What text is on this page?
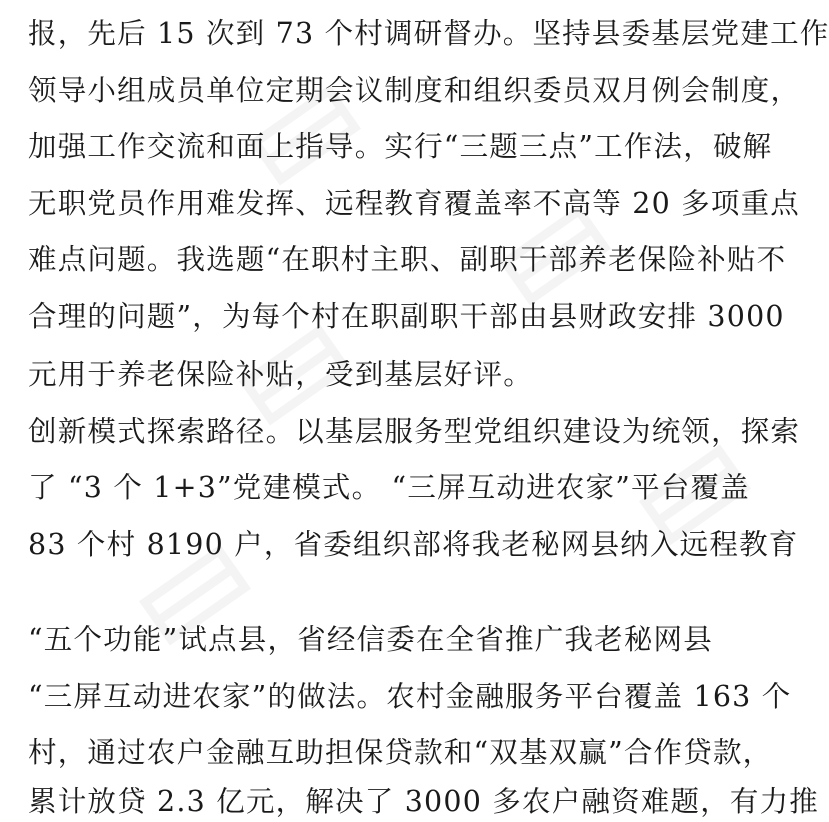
报，先后 15 次到 73 个村调研督办。坚持县委基层党建工作
领导小组成员单位定期会议制度和组织委员双月例会制度，
加强工作交流和面上指导。实行“三题三点”工作法，破解
无职党员作用难发挥、远程教育覆盖率不高等 20 多项重点
难点问题。我选题“在职村主职、副职干部养老保险补贴不
合理的问题”，为每个村在职副职干部由县财政安排 3000
元用于养老保险补贴，受到基层好评。
创新模式探索路径。以基层服务型党组织建设为统领，探索
了 “3 个 1+3”党建模式。 “三屏互动进农家”平台覆盖
83 个村 8190 户，省委组织部将我老秘网县纳入远程教育
“五个功能”试点县，省经信委在全省推广我老秘网县
“三屏互动进农家”的做法。农村金融服务平台覆盖 163 个
村，通过农户金融互助担保贷款和“双基双赢”合作贷款，
累计放贷 2.3 亿元，解决了 3000 多农户融资难题，有力推
